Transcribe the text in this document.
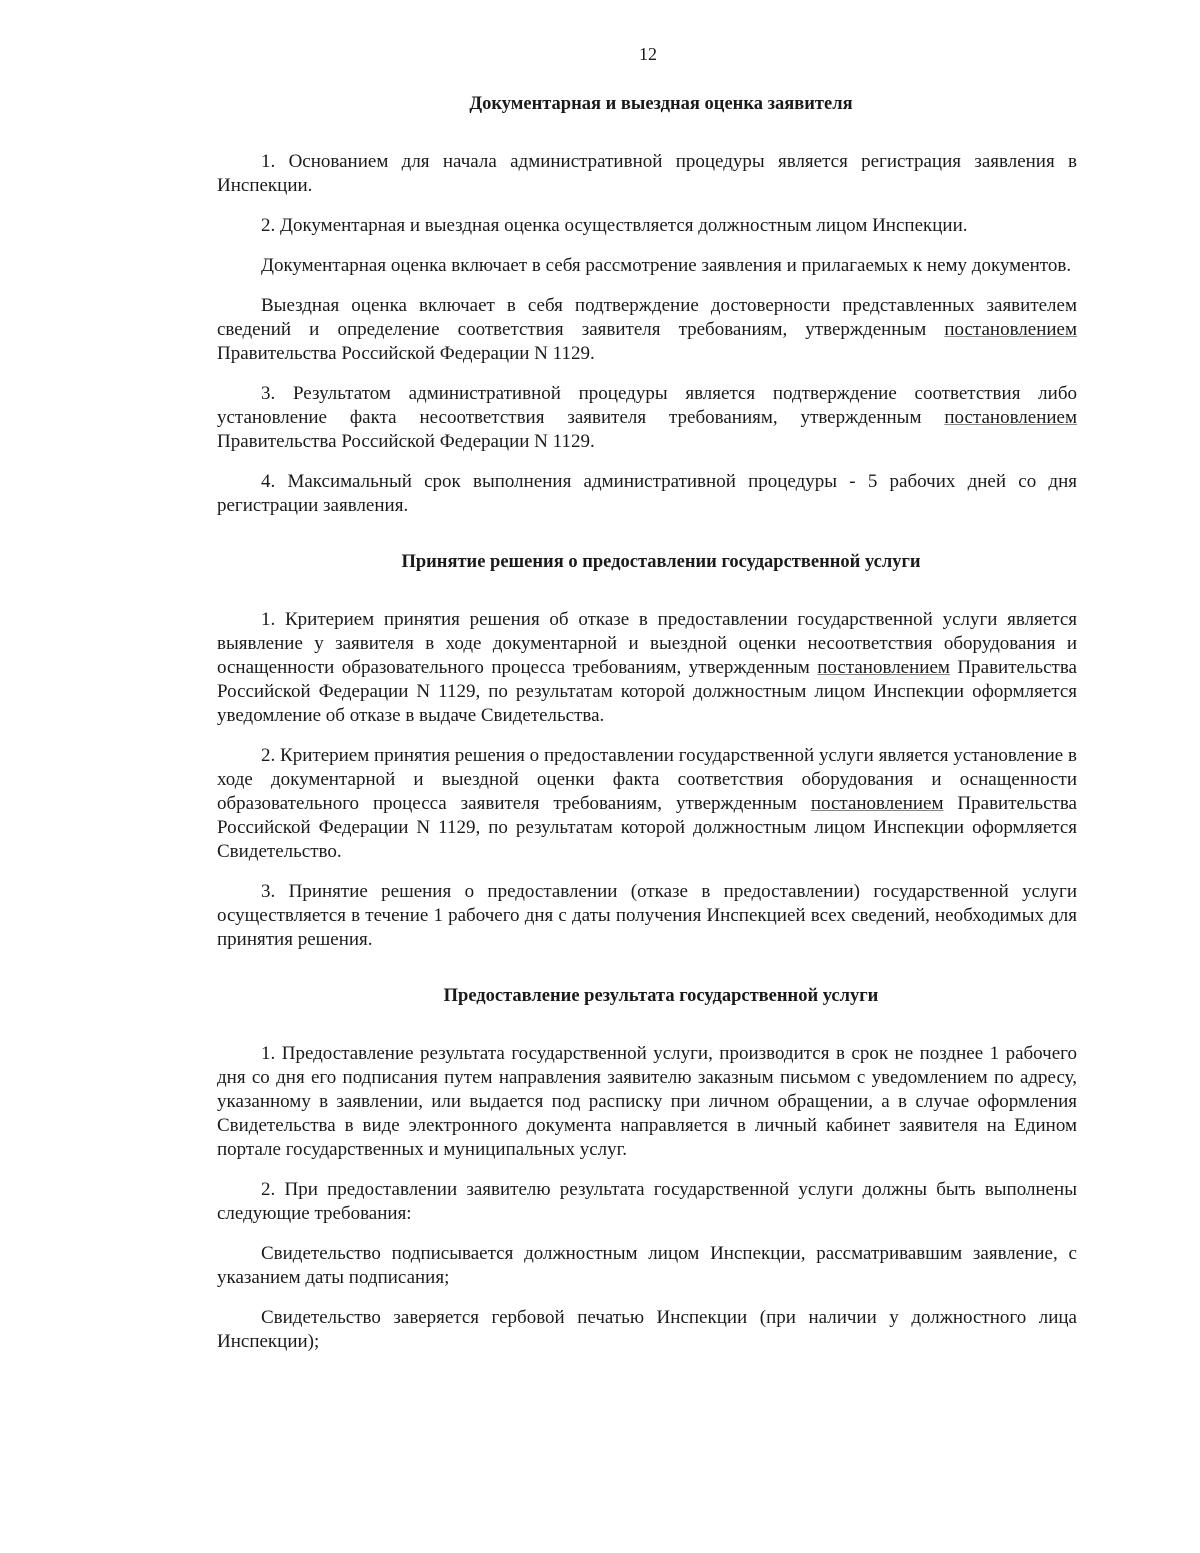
12
Документарная и выездная оценка заявителя

1. Основанием для начала административной процедуры является регистрация заявления в Инспекции.

2. Документарная и выездная оценка осуществляется должностным лицом Инспекции.

Документарная оценка включает в себя рассмотрение заявления и прилагаемых к нему документов.

Выездная оценка включает в себя подтверждение достоверности представленных заявителем сведений и определение соответствия заявителя требованиям, утвержденным постановлением Правительства Российской Федерации N 1129.

3. Результатом административной процедуры является подтверждение соответствия либо установление факта несоответствия заявителя требованиям, утвержденным постановлением Правительства Российской Федерации N 1129.

4. Максимальный срок выполнения административной процедуры - 5 рабочих дней со дня регистрации заявления.

Принятие решения о предоставлении государственной услуги

1. Критерием принятия решения об отказе в предоставлении государственной услуги является выявление у заявителя в ходе документарной и выездной оценки несоответствия оборудования и оснащенности образовательного процесса требованиям, утвержденным постановлением Правительства Российской Федерации N 1129, по результатам которой должностным лицом Инспекции оформляется уведомление об отказе в выдаче Свидетельства.

2. Критерием принятия решения о предоставлении государственной услуги является установление в ходе документарной и выездной оценки факта соответствия оборудования и оснащенности образовательного процесса заявителя требованиям, утвержденным постановлением Правительства Российской Федерации N 1129, по результатам которой должностным лицом Инспекции оформляется Свидетельство.

3. Принятие решения о предоставлении (отказе в предоставлении) государственной услуги осуществляется в течение 1 рабочего дня с даты получения Инспекцией всех сведений, необходимых для принятия решения.

Предоставление результата государственной услуги

1. Предоставление результата государственной услуги, производится в срок не позднее 1 рабочего дня со дня его подписания путем направления заявителю заказным письмом с уведомлением по адресу, указанному в заявлении, или выдается под расписку при личном обращении, а в случае оформления Свидетельства в виде электронного документа направляется в личный кабинет заявителя на Едином портале государственных и муниципальных услуг.

2. При предоставлении заявителю результата государственной услуги должны быть выполнены следующие требования:

Свидетельство подписывается должностным лицом Инспекции, рассматривавшим заявление, с указанием даты подписания;

Свидетельство заверяется гербовой печатью Инспекции (при наличии у должностного лица Инспекции);
